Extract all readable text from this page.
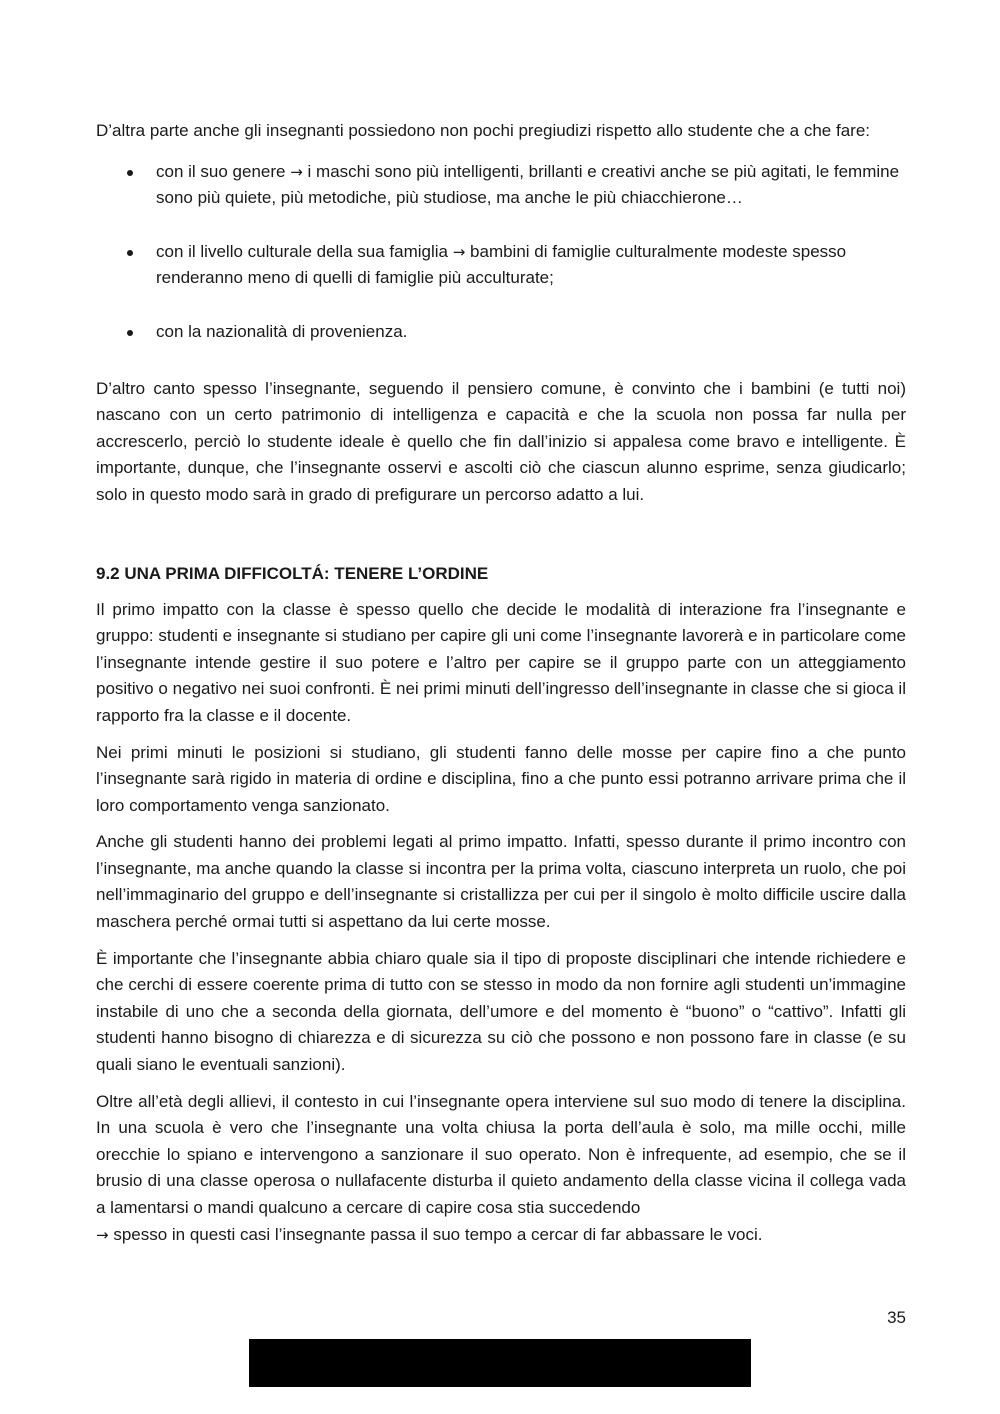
D’altra parte anche gli insegnanti possiedono non pochi pregiudizi rispetto allo studente che a che fare:

con il suo genere → i maschi sono più intelligenti, brillanti e creativi anche se più agitati, le femmine sono più quiete, più metodiche, più studiose, ma anche le più chiacchierone…
con il livello culturale della sua famiglia → bambini di famiglie culturalmente modeste spesso renderanno meno di quelli di famiglie più acculturate;
con la nazionalità di provenienza.

D’altro canto spesso l’insegnante, seguendo il pensiero comune, è convinto che i bambini (e tutti noi) nascano con un certo patrimonio di intelligenza e capacità e che la scuola non possa far nulla per accrescerlo, perciò lo studente ideale è quello che fin dall’inizio si appalesa come bravo e intelligente. È importante, dunque, che l’insegnante osservi e ascolti ciò che ciascun alunno esprime, senza giudicarlo; solo in questo modo sarà in grado di prefigurare un percorso adatto a lui.

9.2 UNA PRIMA DIFFICOLTÁ: TENERE L’ORDINE

Il primo impatto con la classe è spesso quello che decide le modalità di interazione fra l’insegnante e gruppo: studenti e insegnante si studiano per capire gli uni come l’insegnante lavorerà e in particolare come l’insegnante intende gestire il suo potere e l’altro per capire se il gruppo parte con un atteggiamento positivo o negativo nei suoi confronti. È nei primi minuti dell’ingresso dell’insegnante in classe che si gioca il rapporto fra la classe e il docente.

Nei primi minuti le posizioni si studiano, gli studenti fanno delle mosse per capire fino a che punto l’insegnante sarà rigido in materia di ordine e disciplina, fino a che punto essi potranno arrivare prima che il loro comportamento venga sanzionato.

Anche gli studenti hanno dei problemi legati al primo impatto. Infatti, spesso durante il primo incontro con l’insegnante, ma anche quando la classe si incontra per la prima volta, ciascuno interpreta un ruolo, che poi nell’immaginario del gruppo e dell’insegnante si cristallizza per cui per il singolo è molto difficile uscire dalla maschera perché ormai tutti si aspettano da lui certe mosse.

È importante che l’insegnante abbia chiaro quale sia il tipo di proposte disciplinari che intende richiedere e che cerchi di essere coerente prima di tutto con se stesso in modo da non fornire agli studenti un’immagine instabile di uno che a seconda della giornata, dell’umore e del momento è “buono” o “cattivo”. Infatti gli studenti hanno bisogno di chiarezza e di sicurezza su ciò che possono e non possono fare in classe (e su quali siano le eventuali sanzioni).

Oltre all’età degli allievi, il contesto in cui l’insegnante opera interviene sul suo modo di tenere la disciplina. In una scuola è vero che l’insegnante una volta chiusa la porta dell’aula è solo, ma mille occhi, mille orecchie lo spiano e intervengono a sanzionare il suo operato. Non è infrequente, ad esempio, che se il brusio di una classe operosa o nullafacente disturba il quieto andamento della classe vicina il collega vada a lamentarsi o mandi qualcuno a cercare di capire cosa stia succedendo

→ spesso in questi casi l’insegnante passa il suo tempo a cercar di far abbassare le voci.

35
